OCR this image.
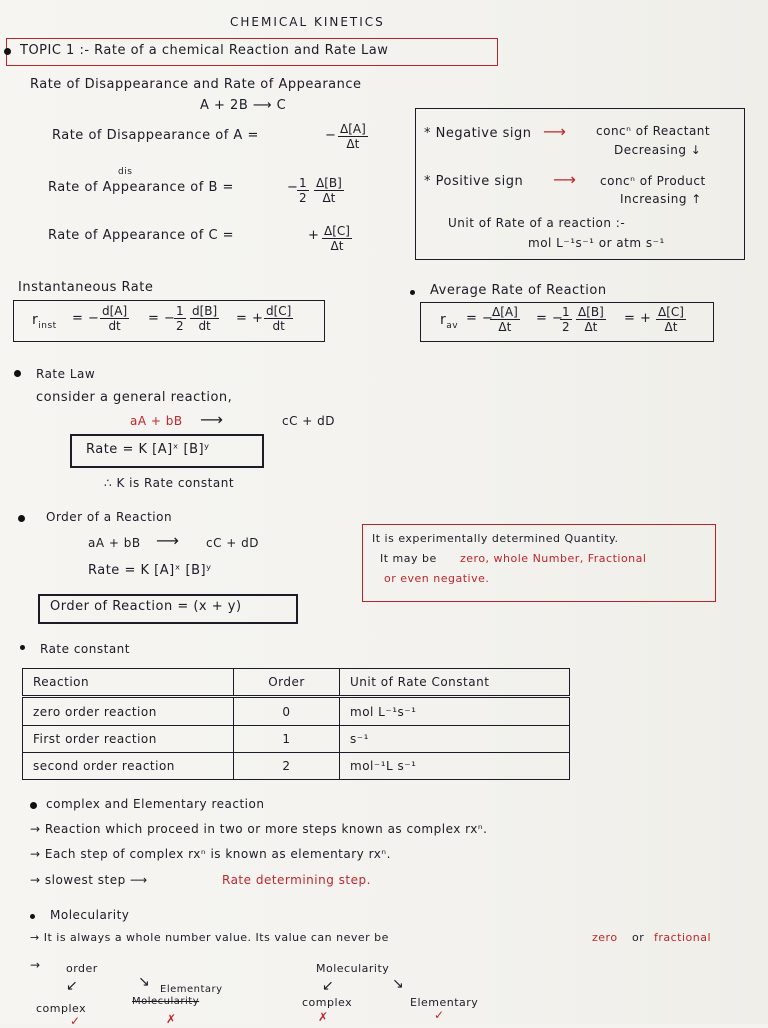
CHEMICAL KINETICS
TOPIC 1 :- Rate of a chemical Reaction and Rate Law
Rate of Disappearance and Rate of Appearance
A + 2B ⟶ C
Rate of Disappearance of A =	− $\frac{\Delta[A]}{\Delta t}$
dis
Rate of Appearance of B =	−
$\frac{1}{2} \frac{\Delta[B]}{\Delta t}$
Rate of Appearance of C =	+ $\frac{\Delta[C]}{\Delta t}$
* Negative sign ⟶ concⁿ of Reactant
Decreasing ↓
* Positive sign ⟶ concⁿ of Product
Increasing ↑
Unit of Rate of a reaction :-
mol L⁻¹s⁻¹ or atm s⁻¹
Instantaneous Rate
$r_{inst}$ = − $\frac{d[A]}{dt}$ = −
$\frac{1}{2} \frac{d[B]}{dt}$ = + $\frac{d[C]}{dt}$
Average Rate of Reaction
$r_{av}$ = −
$\frac{\Delta[A]}{\Delta t}$ = −
$\frac{1}{2} \frac{\Delta[B]}{\Delta t}$ = + $\frac{\Delta[C]}{\Delta t}$
Rate Law
consider a general reaction,
aA + bB ⟶	cC + dD
Rate = K [A]ˣ [B]ʸ
∴ K is Rate constant
Order of a Reaction
aA + bB ⟶ cC + dD
Rate = K [A]ˣ [B]ʸ
Order of Reaction = (x + y)
It is experimentally determined Quantity.
It may be zero, whole Number, Fractional
or even negative.
Rate constant
Reaction	Order	Unit of Rate Constant
zero order reaction	0	mol L⁻¹s⁻¹
First order reaction	1	s⁻¹
second order reaction	2	mol⁻¹L s⁻¹
complex and Elementary reaction
→ Reaction which proceed in two or more steps known as complex rxⁿ.
→ Each step of complex rxⁿ is known as elementary rxⁿ.
→ slowest step ⟶	Rate determining step.
Molecularity
→ It is always a whole number value. Its value can never be	zero or fractional
→ order
↙	↘
complex
✓
Elementary
Molecularity
✗
Molecularity
↙	↘
complex
✗
Elementary
✓
